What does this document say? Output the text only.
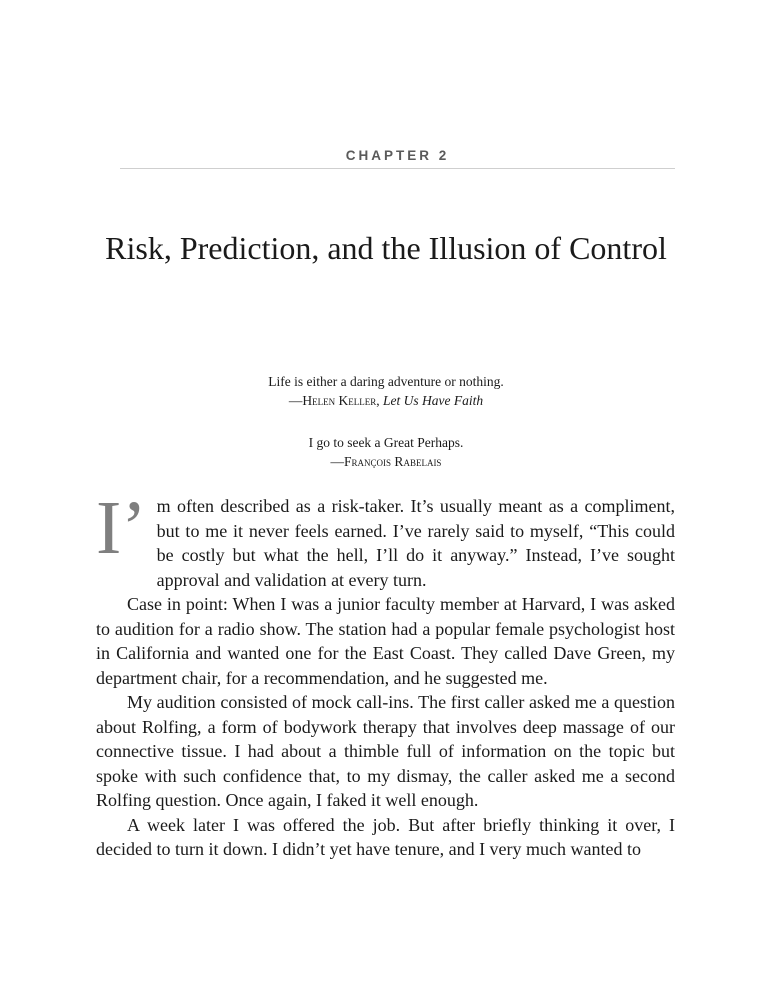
CHAPTER 2
Risk, Prediction, and the Illusion of Control
Life is either a daring adventure or nothing.
—Helen Keller, Let Us Have Faith
I go to seek a Great Perhaps.
—François Rabelais

I’ m often described as a risk-taker. It’s usually meant as a compliment, but to me it never feels earned. I’ve rarely said to myself, “This could be costly but what the hell, I’ll do it anyway.” Instead, I’ve sought approval and validation at every turn.

Case in point: When I was a junior faculty member at Harvard, I was asked to audition for a radio show. The station had a popular female psychologist host in California and wanted one for the East Coast. They called Dave Green, my department chair, for a recommendation, and he suggested me.

My audition consisted of mock call-ins. The first caller asked me a question about Rolfing, a form of bodywork therapy that involves deep massage of our connective tissue. I had about a thimble full of information on the topic but spoke with such confidence that, to my dismay, the caller asked me a second Rolfing question. Once again, I faked it well enough.

A week later I was offered the job. But after briefly thinking it over, I decided to turn it down. I didn’t yet have tenure, and I very much wanted to
